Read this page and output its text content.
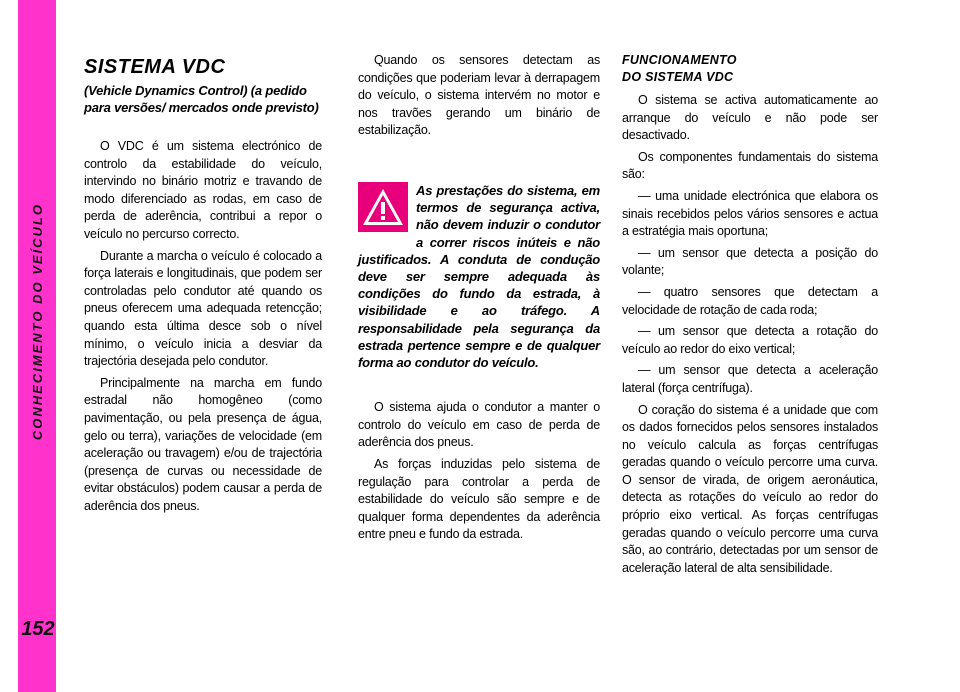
CONHECIMENTO DO VEÍCULO
152
SISTEMA VDC
(Vehicle Dynamics Control) (a pedido para versões/ mercados onde previsto)

O VDC é um sistema electrónico de controlo da estabilidade do veículo, intervindo no binário motriz e travando de modo diferenciado as rodas, em caso de perda de aderência, contribui a repor o veículo no percurso correcto.

Durante a marcha o veículo é colocado a força laterais e longitudinais, que podem ser controladas pelo condutor até quando os pneus oferecem uma adequada retencção; quando esta última desce sob o nível mínimo, o veículo inicia a desviar da trajectória desejada pelo condutor.

Principalmente na marcha em fundo estradal não homogêneo (como pavimentação, ou pela presença de água, gelo ou terra), variações de velocidade (em aceleração ou travagem) e/ou de trajectória (presença de curvas ou necessidade de evitar obstáculos) podem causar a perda de aderência dos pneus.

Quando os sensores detectam as condições que poderiam levar à derrapagem do veículo, o sistema intervém no motor e nos travões gerando um binário de estabilização.

As prestações do sistema, em termos de segurança activa, não devem induzir o condutor a correr riscos inúteis e não justificados. A conduta de condução deve ser sempre adequada às condições do fundo da estrada, à visibilidade e ao tráfego. A responsabilidade pela segurança da estrada pertence sempre e de qualquer forma ao condutor do veículo.

O sistema ajuda o condutor a manter o controlo do veículo em caso de perda de aderência dos pneus.

As forças induzidas pelo sistema de regulação para controlar a perda de estabilidade do veículo são sempre e de qualquer forma dependentes da aderência entre pneu e fundo da estrada.

FUNCIONAMENTO
DO SISTEMA VDC

O sistema se activa automaticamente ao arranque do veículo e não pode ser desactivado.

Os componentes fundamentais do sistema são:

— uma unidade electrónica que elabora os sinais recebidos pelos vários sensores e actua a estratégia mais oportuna;

— um sensor que detecta a posição do volante;

— quatro sensores que detectam a velocidade de rotação de cada roda;

— um sensor que detecta a rotação do veículo ao redor do eixo vertical;

— um sensor que detecta a aceleração lateral (força centrífuga).

O coração do sistema é a unidade que com os dados fornecidos pelos sensores instalados no veículo calcula as forças centrífugas geradas quando o veículo percorre uma curva. O sensor de virada, de origem aeronáutica, detecta as rotações do veículo ao redor do próprio eixo vertical. As forças centrífugas geradas quando o veículo percorre uma curva são, ao contrário, detectadas por um sensor de aceleração lateral de alta sensibilidade.
